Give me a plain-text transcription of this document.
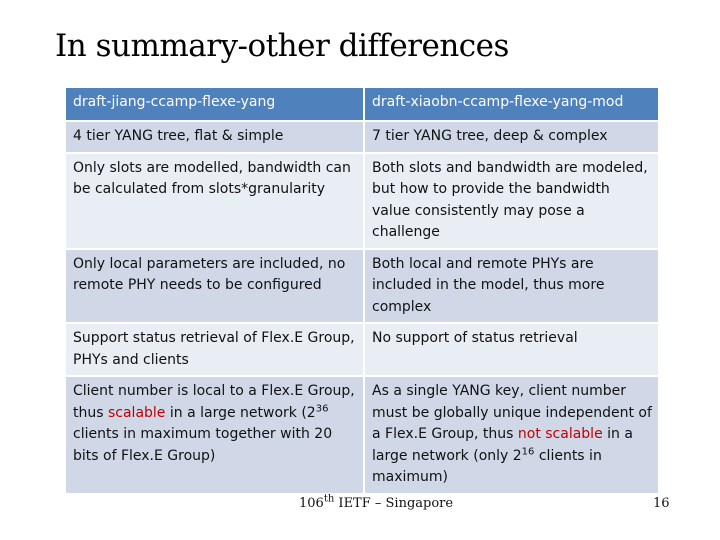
In summary-other differences
draft-jiang-ccamp-flexe-yang	draft-xiaobn-ccamp-flexe-yang-mod
4 tier YANG tree, flat & simple	7 tier YANG tree, deep & complex
Only slots are modelled, bandwidth can be calculated from slots*granularity	Both slots and bandwidth are modeled, but how to provide the bandwidth value consistently may pose a challenge
Only local parameters are included, no remote PHY needs to be configured	Both local and remote PHYs are included in the model, thus more complex
Support status retrieval of Flex.E Group, PHYs and clients	No support of status retrieval
Client number is local to a Flex.E Group, thus scalable in a large network ($2^{36}$ clients in maximum together with 20 bits of Flex.E Group)	As a single YANG key, client number must be globally unique independent of a Flex.E Group, thus not scalable in a large network (only $2^{16}$ clients in maximum)
106th IETF – Singapore	16
